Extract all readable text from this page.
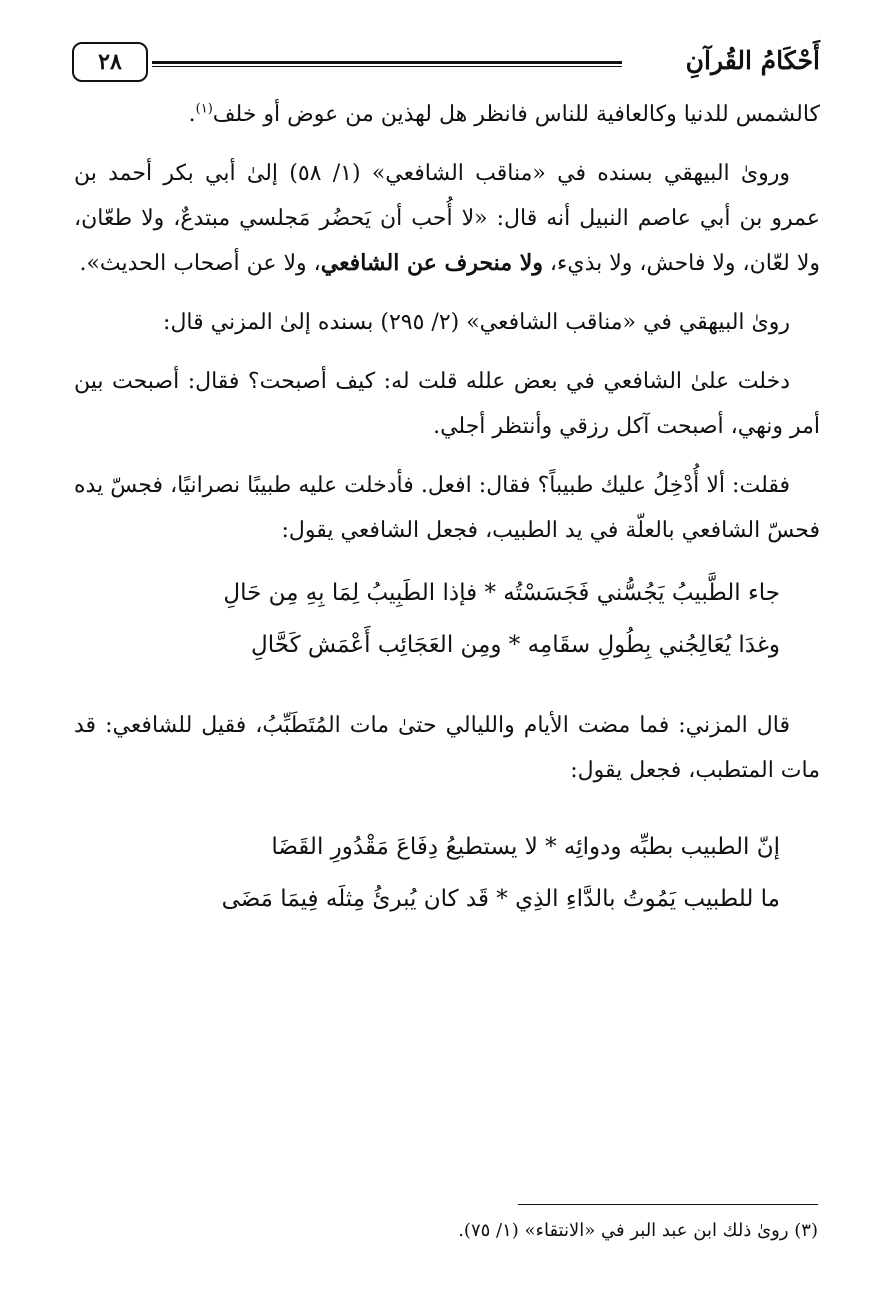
أَحْكَامُ القُرآنِ
٢٨

كالشمس للدنيا وكالعافية للناس فانظر هل لهذين من عوض أو خلف$^{(١)}$.

وروىٰ البيهقي بسنده في «مناقب الشافعي» (١/ ٥٨) إلىٰ أبي بكر أحمد بن عمرو بن أبي عاصم النبيل أنه قال: «لا أُحب أن يَحضُر مَجلسي مبتدعٌ، ولا طعّان، ولا لعّان، ولا فاحش، ولا بذيء، ولا منحرف عن الشافعي، ولا عن أصحاب الحديث».

روىٰ البيهقي في «مناقب الشافعي» (٢/ ٢٩٥) بسنده إلىٰ المزني قال:

دخلت علىٰ الشافعي في بعض علله قلت له: كيف أصبحت؟ فقال: أصبحت بين أمر ونهي، أصبحت آكل رزقي وأنتظر أجلي.

فقلت: ألا أُدْخِلُ عليك طبيباً؟ فقال: افعل. فأدخلت عليه طبيبًا نصرانيًا، فجسّ يده فحسّ الشافعي بالعلّة في يد الطبيب، فجعل الشافعي يقول:

جاء الطَّبيبُ يَجُسُّني فَجَسَسْتُه * فإذا الطَبِيبُ لِمَا بِهِ مِن حَالِ
وغدَا يُعَالِجُني بِطُولِ سقَامِه * ومِن العَجَائِب أَعْمَش كَحَّالِ

قال المزني: فما مضت الأيام والليالي حتىٰ مات المُتَطَبِّبُ، فقيل للشافعي: قد مات المتطبب، فجعل يقول:

إنّ الطبيب بطبِّه ودوائِه * لا يستطيعُ دِفَاعَ مَقْدُورِ القَضَا
ما للطبيب يَمُوتُ بالدَّاءِ الذِي * قَد كان يُبرئُ مِثلَه فِيمَا مَضَى
(٣) روىٰ ذلك ابن عبد البر في «الانتقاء» (١/ ٧٥).
